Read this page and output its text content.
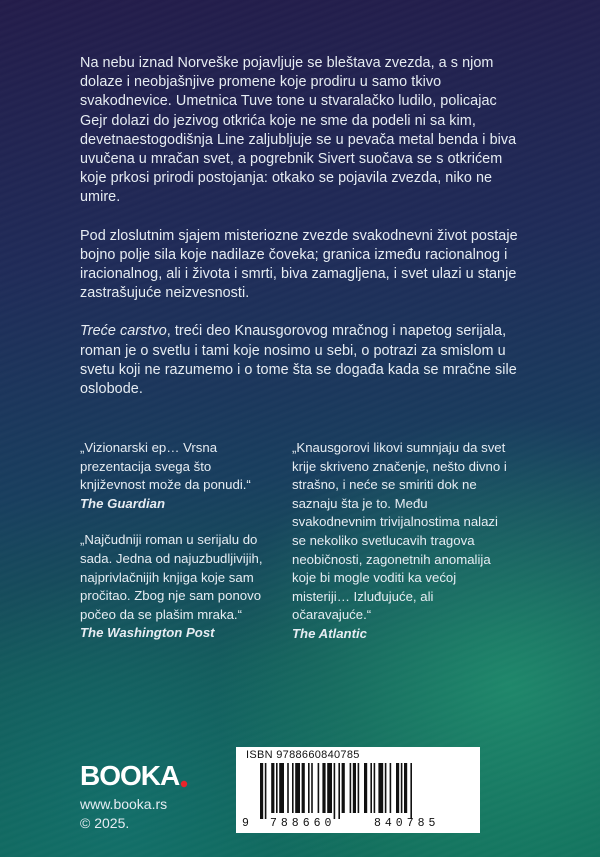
Na nebu iznad Norveške pojavljuje se bleštava zvezda, a s njom dolaze i neobjašnjive promene koje prodiru u samo tkivo svakodnevice. Umetnica Tuve tone u stvaralačko ludilo, policajac Gejr dolazi do jezivog otkrića koje ne sme da podeli ni sa kim, devetnaestogodišnja Line zaljubljuje se u pevača metal benda i biva uvučena u mračan svet, a pogrebnik Sivert suočava se s otkrićem koje prkosi prirodi postojanja: otkako se pojavila zvezda, niko ne umire.

Pod zloslutnim sjajem misteriozne zvezde svakodnevni život postaje bojno polje sila koje nadilaze čoveka; granica između racionalnog i iracionalnog, ali i života i smrti, biva zamagljena, i svet ulazi u stanje zastrašujuće neizvesnosti.

Treće carstvo, treći deo Knausgorovog mračnog i napetog serijala, roman je o svetlu i tami koje nosimo u sebi, o potrazi za smislom u svetu koji ne razumemo i o tome šta se događa kada se mračne sile oslobode.

„Vizionarski ep… Vrsna prezentacija svega što književnost može da ponudi.“
The Guardian
„Najčudniji roman u serijalu do sada. Jedna od najuzbudljivijih, najprivlačnijih knjiga koje sam pročitao. Zbog nje sam ponovo počeo da se plašim mraka.“
The Washington Post
„Knausgorovi likovi sumnjaju da svet krije skriveno značenje, nešto divno i strašno, i neće se smiriti dok ne saznaju šta je to. Među svakodnevnim trivijalnostima nalazi se nekoliko svetlucavih tragova neobičnosti, zagonetnih anomalija koje bi mogle voditi ka većoj misteriji… Izluđujuće, ali očaravajuće.“
The Atlantic
BOOKA
www.booka.rs
© 2025.
ISBN 9788660840785
9 788660	840785
